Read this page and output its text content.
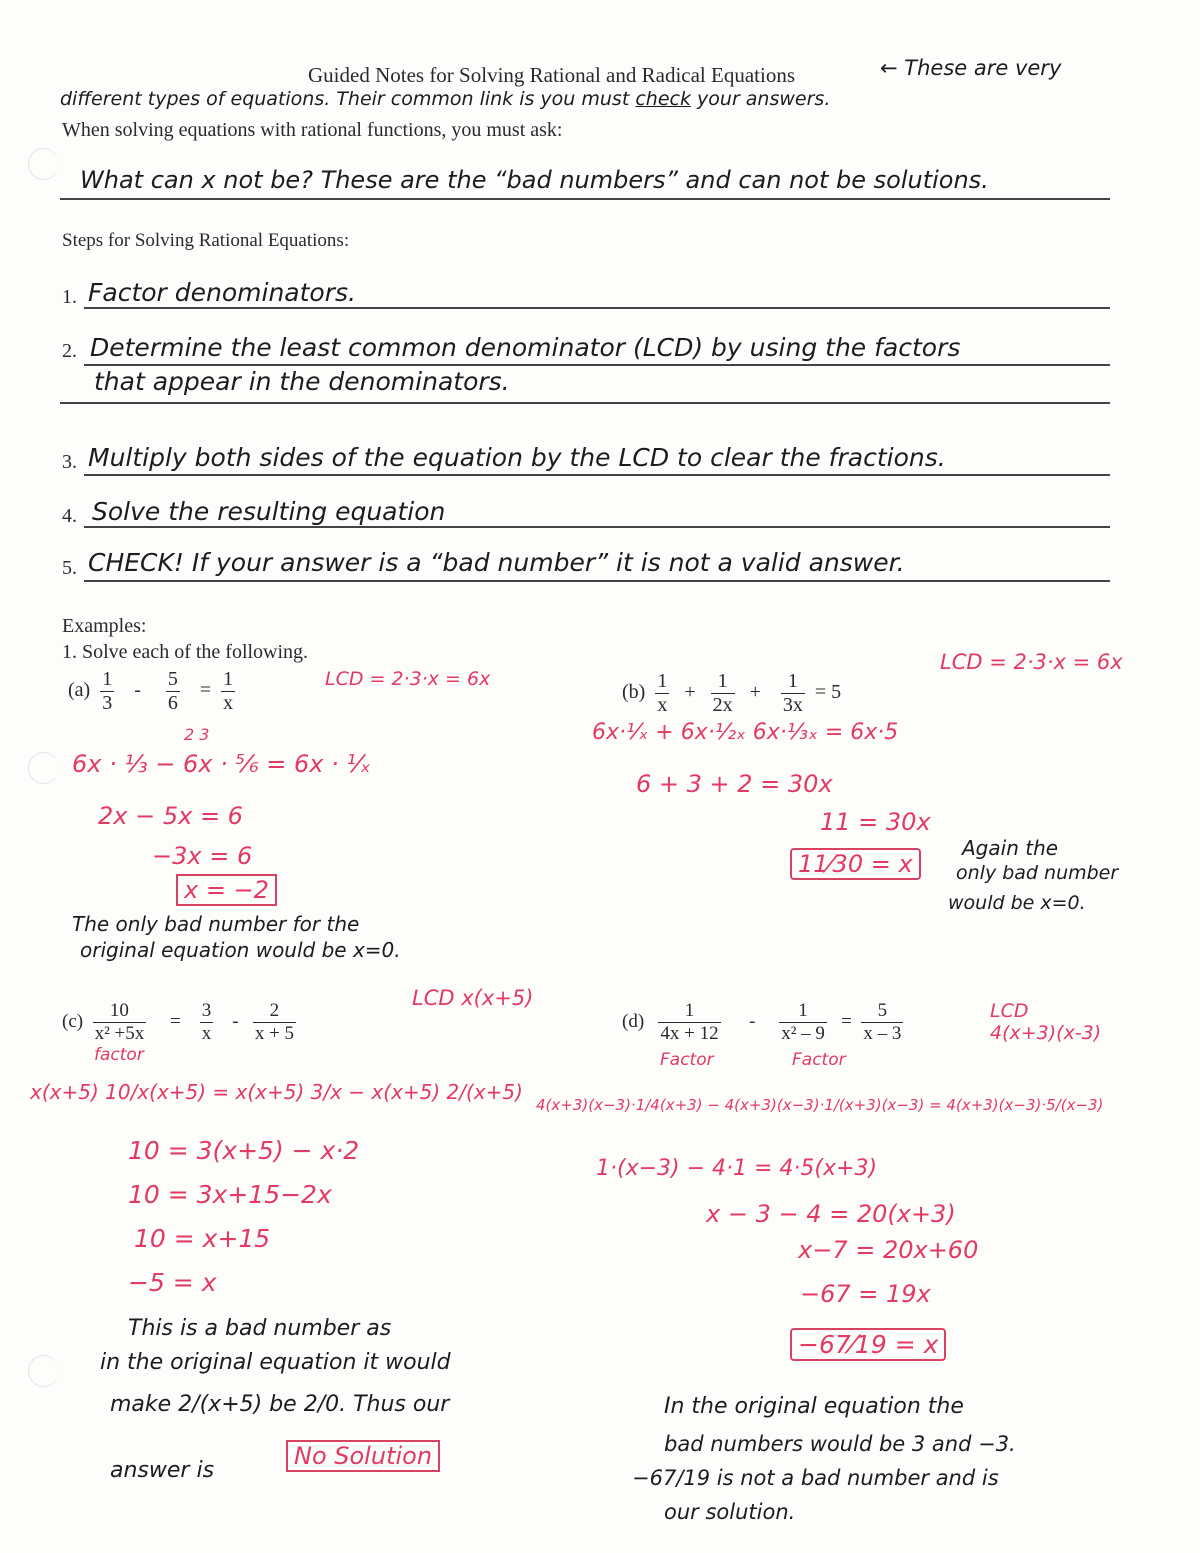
Guided Notes for Solving Rational and Radical Equations	← These are very
different types of equations. Their common link is you must check your answers.
When solving equations with rational functions, you must ask:
What can x not be? These are the “bad numbers” and can not be solutions.
Steps for Solving Rational Equations:
1. Factor denominators.
2. Determine the least common denominator (LCD) by using the factors
that appear in the denominators.
3. Multiply both sides of the equation by the LCD to clear the fractions.
4. Solve the resulting equation
5. CHECK! If your answer is a “bad number” it is not a valid answer.
Examples:
1. Solve each of the following.
$(a) \frac{1}{3} - \frac{5}{6} = \frac{1}{x}$	LCD = 2·3·x = 6x
2 3
6x · ⅓ − 6x · ⁵⁄₆ = 6x · ¹⁄ₓ
2x − 5x = 6
−3x = 6
x = −2
The only bad number for the
original equation would be x=0.
$(b) \frac{1}{x} + \frac{1}{2x} + \frac{1}{3x} = 5$
LCD = 2·3·x = 6x
6x·¹⁄ₓ + 6x·¹⁄₂ₓ 6x·¹⁄₃ₓ = 6x·5
6 + 3 + 2 = 30x
11 = 30x
11⁄30 = x
Again the
only bad number
would be x=0.
$(c) \frac{10}{\text{x² +5x}} = \frac{3}{x} - \frac{2}{x + 5}$
factor
LCD x(x+5)
x(x+5) 10/x(x+5) = x(x+5) 3/x − x(x+5) 2/(x+5)
10 = 3(x+5) − x·2
10 = 3x+15−2x
10 = x+15
−5 = x
This is a bad number as
in the original equation it would
make 2/(x+5) be 2/0. Thus our
answer is
No Solution
$(d) \frac{1}{4x + 12} - \frac{1}{\text{x² – 9}} = \frac{5}{x - 3}$
Factor	Factor
LCD
4(x+3)(x-3)
4(x+3)(x−3)·1/4(x+3) − 4(x+3)(x−3)·1/(x+3)(x−3) = 4(x+3)(x−3)·5/(x−3)
1·(x−3) − 4·1 = 4·5(x+3)
x − 3 − 4 = 20(x+3)
x−7 = 20x+60
−67 = 19x
−67⁄19 = x
In the original equation the
bad numbers would be 3 and −3.
−67/19 is not a bad number and is
our solution.
